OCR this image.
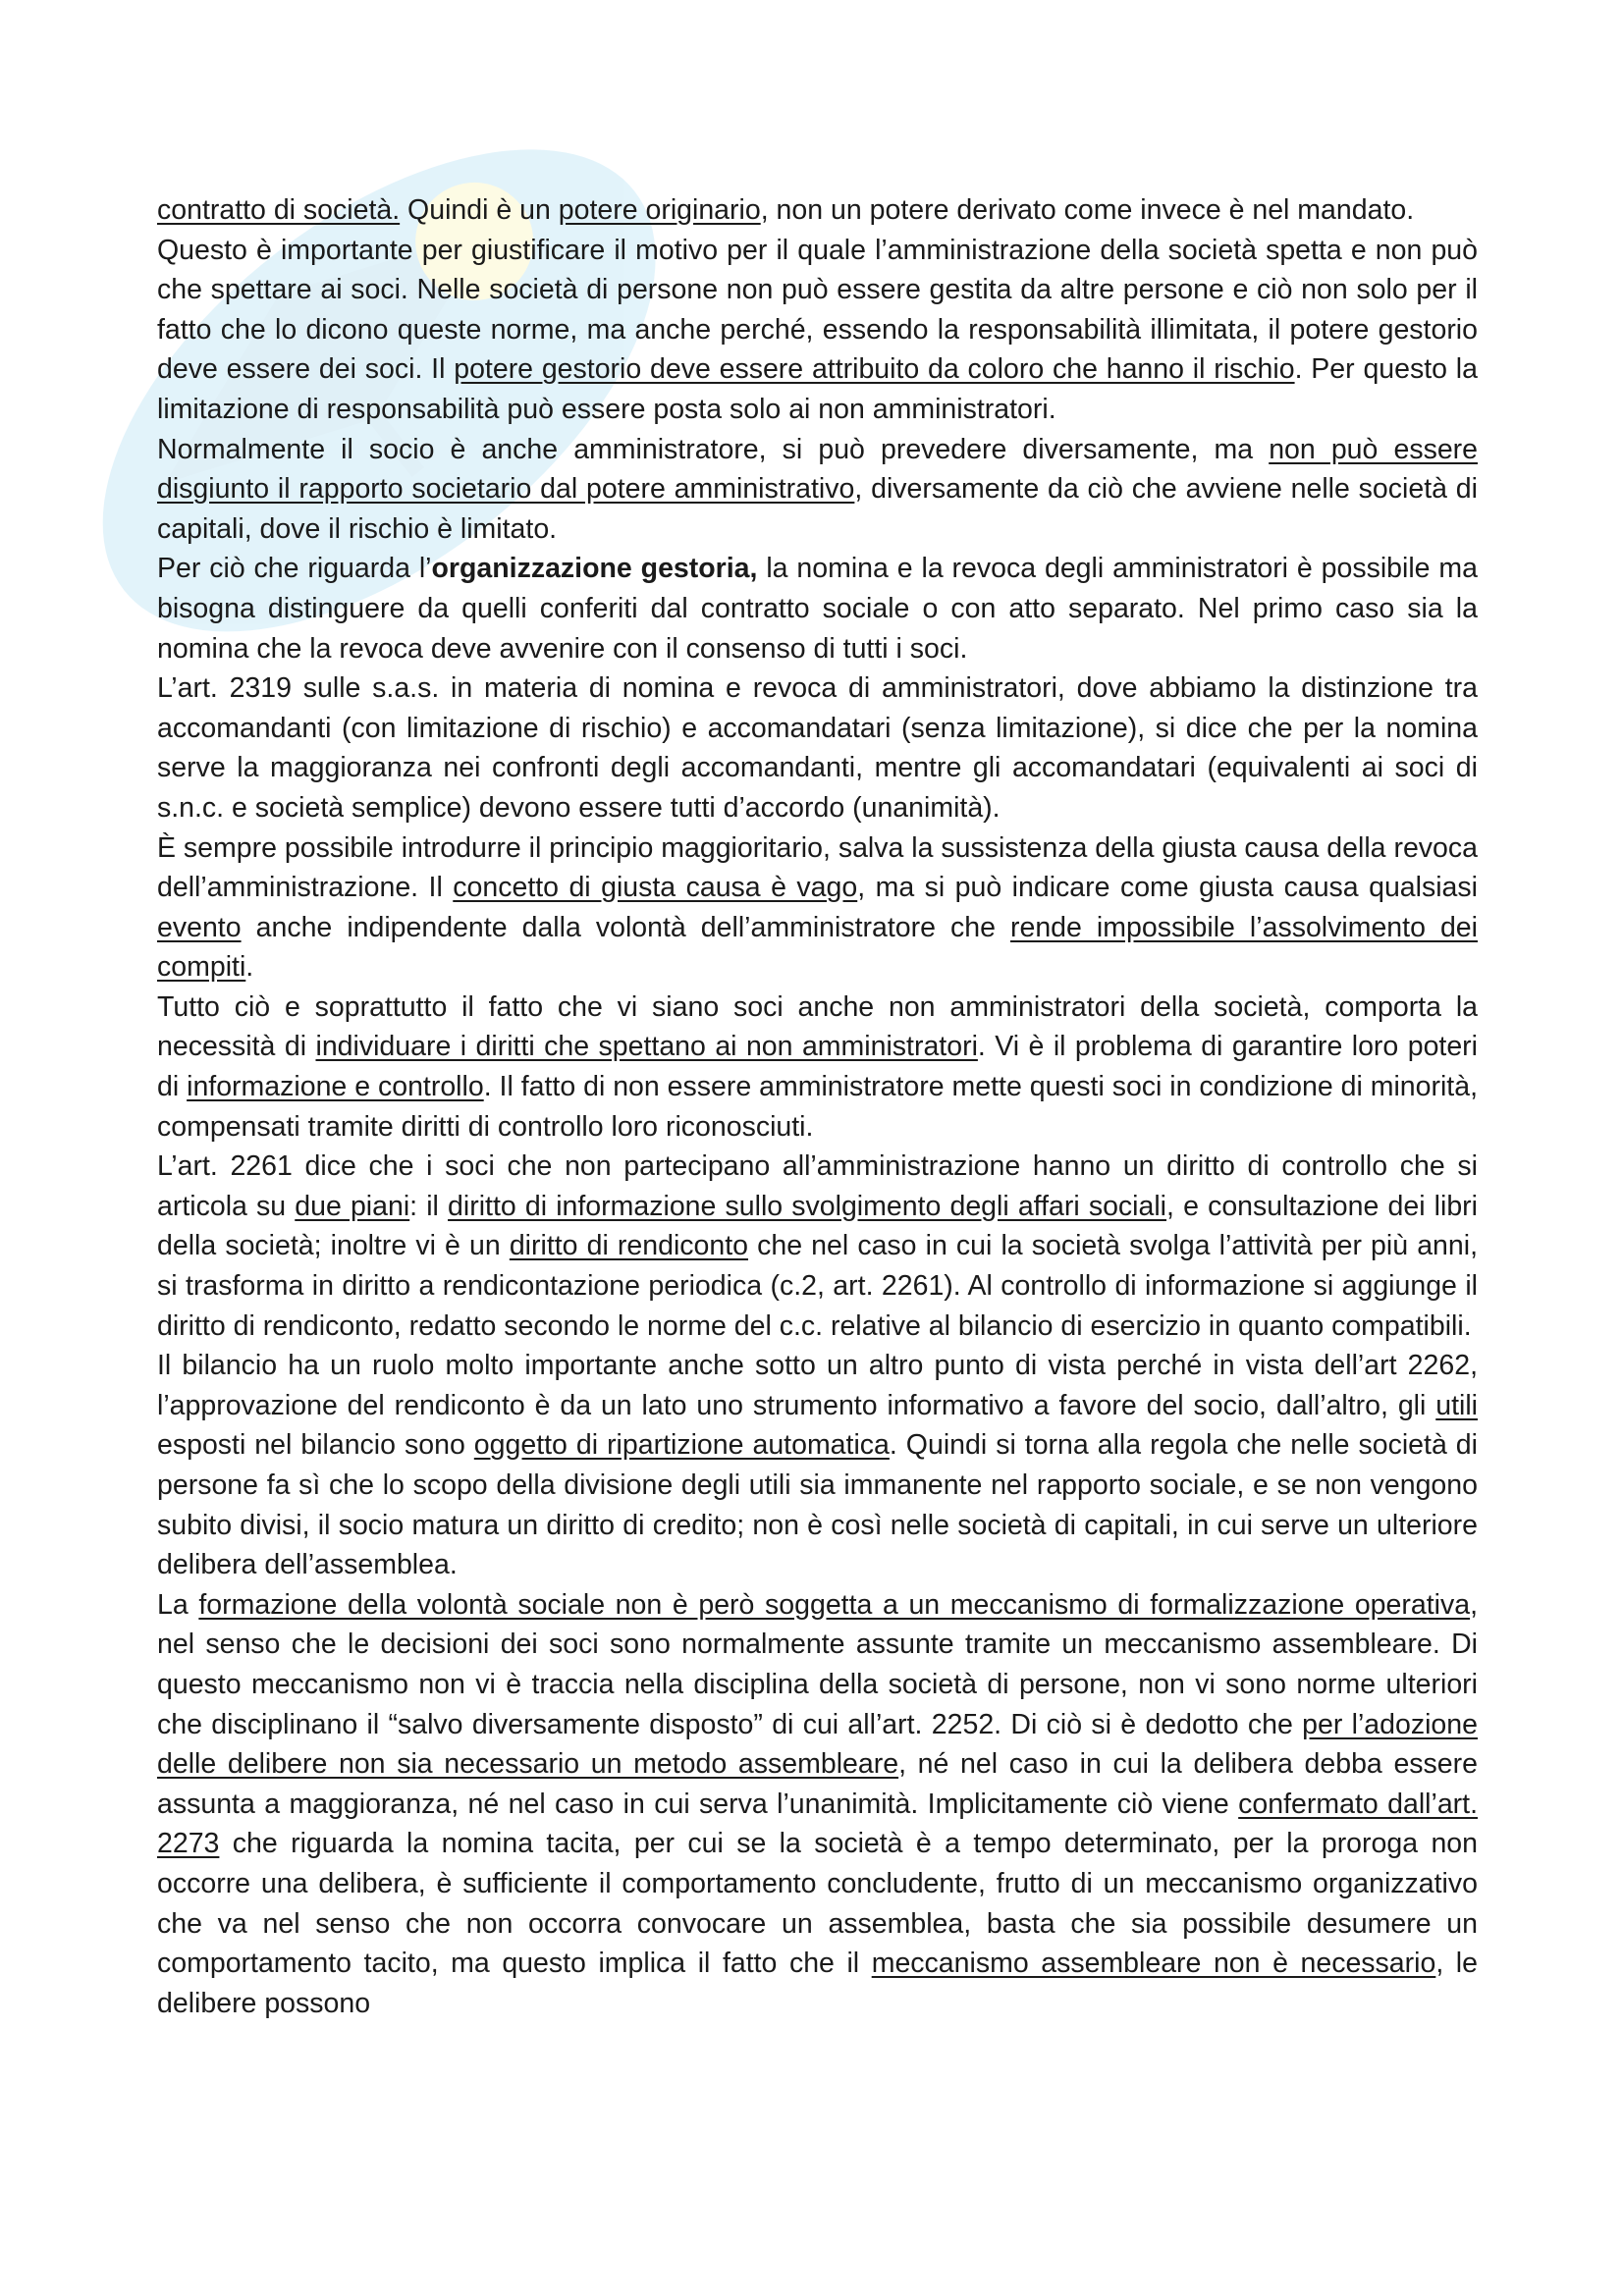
contratto di società. Quindi è un potere originario, non un potere derivato come invece è nel mandato.

Questo è importante per giustificare il motivo per il quale l’amministrazione della società spetta e non può che spettare ai soci. Nelle società di persone non può essere gestita da altre persone e ciò non solo per il fatto che lo dicono queste norme, ma anche perché, essendo la responsabilità illimitata, il potere gestorio deve essere dei soci. Il potere gestorio deve essere attribuito da coloro che hanno il rischio. Per questo la limitazione di responsabilità può essere posta solo ai non amministratori.

Normalmente il socio è anche amministratore, si può prevedere diversamente, ma non può essere disgiunto il rapporto societario dal potere amministrativo, diversamente da ciò che avviene nelle società di capitali, dove il rischio è limitato.

Per ciò che riguarda l’organizzazione gestoria, la nomina e la revoca degli amministratori è possibile ma bisogna distinguere da quelli conferiti dal contratto sociale o con atto separato. Nel primo caso sia la nomina che la revoca deve avvenire con il consenso di tutti i soci.

L’art. 2319 sulle s.a.s. in materia di nomina e revoca di amministratori, dove abbiamo la distinzione tra accomandanti (con limitazione di rischio) e accomandatari (senza limitazione), si dice che per la nomina serve la maggioranza nei confronti degli accomandanti, mentre gli accomandatari (equivalenti ai soci di s.n.c. e società semplice) devono essere tutti d’accordo (unanimità).

È sempre possibile introdurre il principio maggioritario, salva la sussistenza della giusta causa della revoca dell’amministrazione. Il concetto di giusta causa è vago, ma si può indicare come giusta causa qualsiasi evento anche indipendente dalla volontà dell’amministratore che rende impossibile l’assolvimento dei compiti.

Tutto ciò e soprattutto il fatto che vi siano soci anche non amministratori della società, comporta la necessità di individuare i diritti che spettano ai non amministratori. Vi è il problema di garantire loro poteri di informazione e controllo. Il fatto di non essere amministratore mette questi soci in condizione di minorità, compensati tramite diritti di controllo loro riconosciuti.

L’art. 2261 dice che i soci che non partecipano all’amministrazione hanno un diritto di controllo che si articola su due piani: il diritto di informazione sullo svolgimento degli affari sociali, e consultazione dei libri della società; inoltre vi è un diritto di rendiconto che nel caso in cui la società svolga l’attività per più anni, si trasforma in diritto a rendicontazione periodica (c.2, art. 2261). Al controllo di informazione si aggiunge il diritto di rendiconto, redatto secondo le norme del c.c. relative al bilancio di esercizio in quanto compatibili.

Il bilancio ha un ruolo molto importante anche sotto un altro punto di vista perché in vista dell’art 2262, l’approvazione del rendiconto è da un lato uno strumento informativo a favore del socio, dall’altro, gli utili esposti nel bilancio sono oggetto di ripartizione automatica. Quindi si torna alla regola che nelle società di persone fa sì che lo scopo della divisione degli utili sia immanente nel rapporto sociale, e se non vengono subito divisi, il socio matura un diritto di credito; non è così nelle società di capitali, in cui serve un ulteriore delibera dell’assemblea.

La formazione della volontà sociale non è però soggetta a un meccanismo di formalizzazione operativa, nel senso che le decisioni dei soci sono normalmente assunte tramite un meccanismo assembleare. Di questo meccanismo non vi è traccia nella disciplina della società di persone, non vi sono norme ulteriori che disciplinano il “salvo diversamente disposto” di cui all’art. 2252. Di ciò si è dedotto che per l’adozione delle delibere non sia necessario un metodo assembleare, né nel caso in cui la delibera debba essere assunta a maggioranza, né nel caso in cui serva l’unanimità. Implicitamente ciò viene confermato dall’art. 2273 che riguarda la nomina tacita, per cui se la società è a tempo determinato, per la proroga non occorre una delibera, è sufficiente il comportamento concludente, frutto di un meccanismo organizzativo che va nel senso che non occorra convocare un assemblea, basta che sia possibile desumere un comportamento tacito, ma questo implica il fatto che il meccanismo assembleare non è necessario, le delibere possono
